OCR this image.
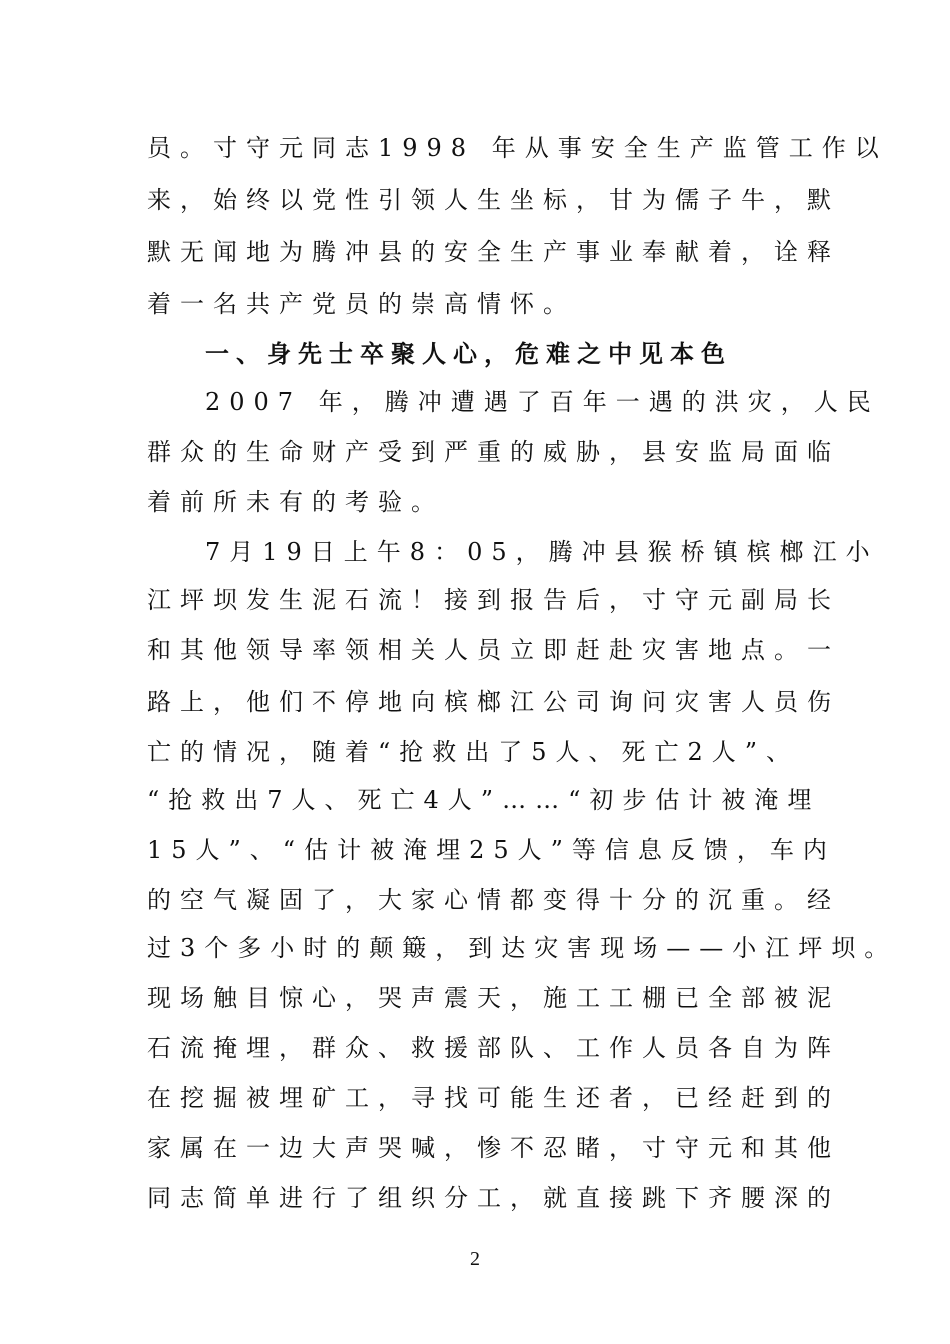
员。寸守元同志1998 年从事安全生产监管工作以
来，始终以党性引领人生坐标，甘为儒子牛，默
默无闻地为腾冲县的安全生产事业奉献着，诠释
着一名共产党员的崇高情怀。
一、身先士卒聚人心，危难之中见本色
2007 年，腾冲遭遇了百年一遇的洪灾，人民
群众的生命财产受到严重的威胁，县安监局面临
着前所未有的考验。
7月19日上午8：05，腾冲县猴桥镇槟榔江小
江坪坝发生泥石流！接到报告后，寸守元副局长
和其他领导率领相关人员立即赶赴灾害地点。一
路上，他们不停地向槟榔江公司询问灾害人员伤
亡的情况，随着“抢救出了5人、死亡2人”、
“抢救出7人、死亡4人”……“初步估计被淹埋
15人”、“估计被淹埋25人”等信息反馈，车内
的空气凝固了，大家心情都变得十分的沉重。经
过3个多小时的颠簸，到达灾害现场——小江坪坝。
现场触目惊心，哭声震天，施工工棚已全部被泥
石流掩埋，群众、救援部队、工作人员各自为阵
在挖掘被埋矿工，寻找可能生还者，已经赶到的
家属在一边大声哭喊，惨不忍睹，寸守元和其他
同志简单进行了组织分工，就直接跳下齐腰深的
2
